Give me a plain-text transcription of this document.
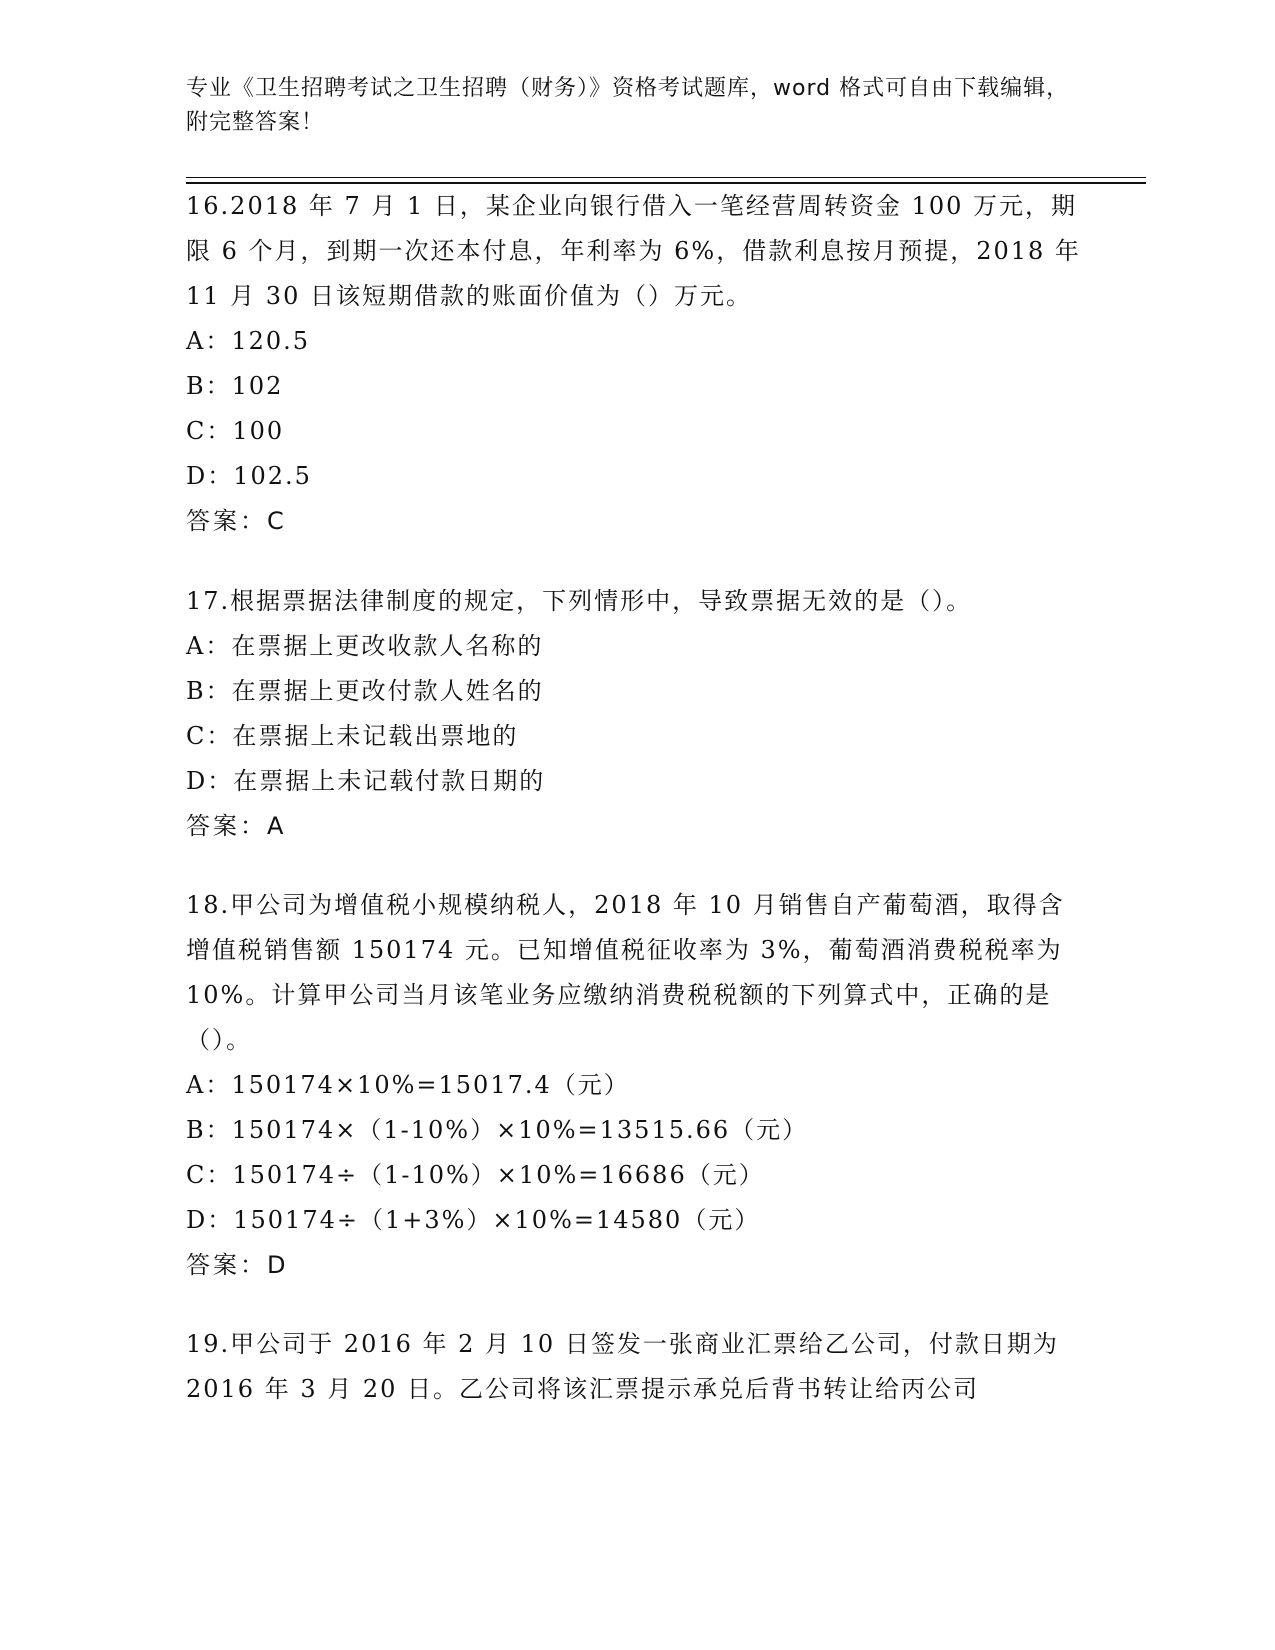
专业《卫生招聘考试之卫生招聘（财务）》资格考试题库，word 格式可自由下载编辑，附完整答案！

16.2018 年 7 月 1 日，某企业向银行借入一笔经营周转资金 100 万元，期限 6 个月，到期一次还本付息，年利率为 6%，借款利息按月预提，2018 年 11 月 30 日该短期借款的账面价值为（）万元。

A：120.5

B：102

C：100

D：102.5

答案：C

17.根据票据法律制度的规定，下列情形中，导致票据无效的是（）。

A：在票据上更改收款人名称的

B：在票据上更改付款人姓名的

C：在票据上未记载出票地的

D：在票据上未记载付款日期的

答案：A

18.甲公司为增值税小规模纳税人，2018 年 10 月销售自产葡萄酒，取得含增值税销售额 150174 元。已知增值税征收率为 3%，葡萄酒消费税税率为 10%。计算甲公司当月该笔业务应缴纳消费税税额的下列算式中，正确的是（）。

A：150174×10%=15017.4（元）

B：150174×（1-10%）×10%=13515.66（元）

C：150174÷（1-10%）×10%=16686（元）

D：150174÷（1+3%）×10%=14580（元）

答案：D

19.甲公司于 2016 年 2 月 10 日签发一张商业汇票给乙公司，付款日期为 2016 年 3 月 20 日。乙公司将该汇票提示承兑后背书转让给丙公司
